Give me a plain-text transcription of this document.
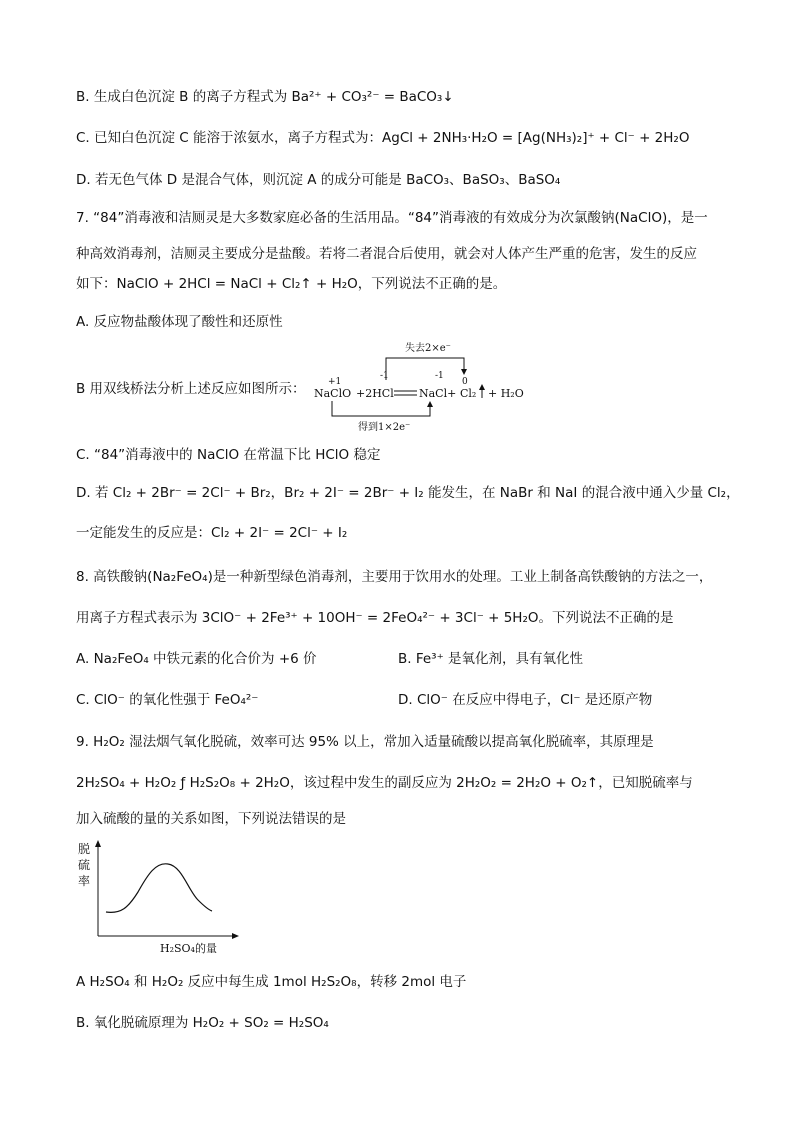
B. 生成白色沉淀 B 的离子方程式为 Ba²⁺ + CO₃²⁻ = BaCO₃↓
C. 已知白色沉淀 C 能溶于浓氨水，离子方程式为：AgCl + 2NH₃·H₂O = [Ag(NH₃)₂]⁺ + Cl⁻ + 2H₂O
D. 若无色气体 D 是混合气体，则沉淀 A 的成分可能是 BaCO₃、BaSO₃、BaSO₄
7. “84”消毒液和洁厕灵是大多数家庭必备的生活用品。“84”消毒液的有效成分为次氯酸钠(NaClO)，是一
种高效消毒剂，洁厕灵主要成分是盐酸。若将二者混合后使用，就会对人体产生严重的危害，发生的反应
如下：NaClO + 2HCl = NaCl + Cl₂↑ + H₂O，下列说法不正确的是。
A. 反应物盐酸体现了酸性和还原性
B 用双线桥法分析上述反应如图所示：
失去2×e⁻
+1
-1	-1
0
NaClO +2HCl NaCl+ Cl₂ + H₂O
得到1×2e⁻
C. “84”消毒液中的 NaClO 在常温下比 HClO 稳定
D. 若 Cl₂ + 2Br⁻ = 2Cl⁻ + Br₂，Br₂ + 2I⁻ = 2Br⁻ + I₂ 能发生，在 NaBr 和 NaI 的混合液中通入少量 Cl₂，
一定能发生的反应是：Cl₂ + 2I⁻ = 2Cl⁻ + I₂
8. 高铁酸钠(Na₂FeO₄)是一种新型绿色消毒剂，主要用于饮用水的处理。工业上制备高铁酸钠的方法之一，
用离子方程式表示为 3ClO⁻ + 2Fe³⁺ + 10OH⁻ = 2FeO₄²⁻ + 3Cl⁻ + 5H₂O。下列说法不正确的是
A. Na₂FeO₄ 中铁元素的化合价为 +6 价	B. Fe³⁺ 是氧化剂，具有氧化性
C. ClO⁻ 的氧化性强于 FeO₄²⁻	D. ClO⁻ 在反应中得电子，Cl⁻ 是还原产物
9. H₂O₂ 湿法烟气氧化脱硫，效率可达 95% 以上，常加入适量硫酸以提高氧化脱硫率，其原理是
2H₂SO₄ + H₂O₂ ƒ H₂S₂O₈ + 2H₂O，该过程中发生的副反应为 2H₂O₂ = 2H₂O + O₂↑，已知脱硫率与
加入硫酸的量的关系如图，下列说法错误的是
脱
硫
率
H₂SO₄的量
A H₂SO₄ 和 H₂O₂ 反应中每生成 1mol H₂S₂O₈，转移 2mol 电子
B. 氧化脱硫原理为 H₂O₂ + SO₂ = H₂SO₄
